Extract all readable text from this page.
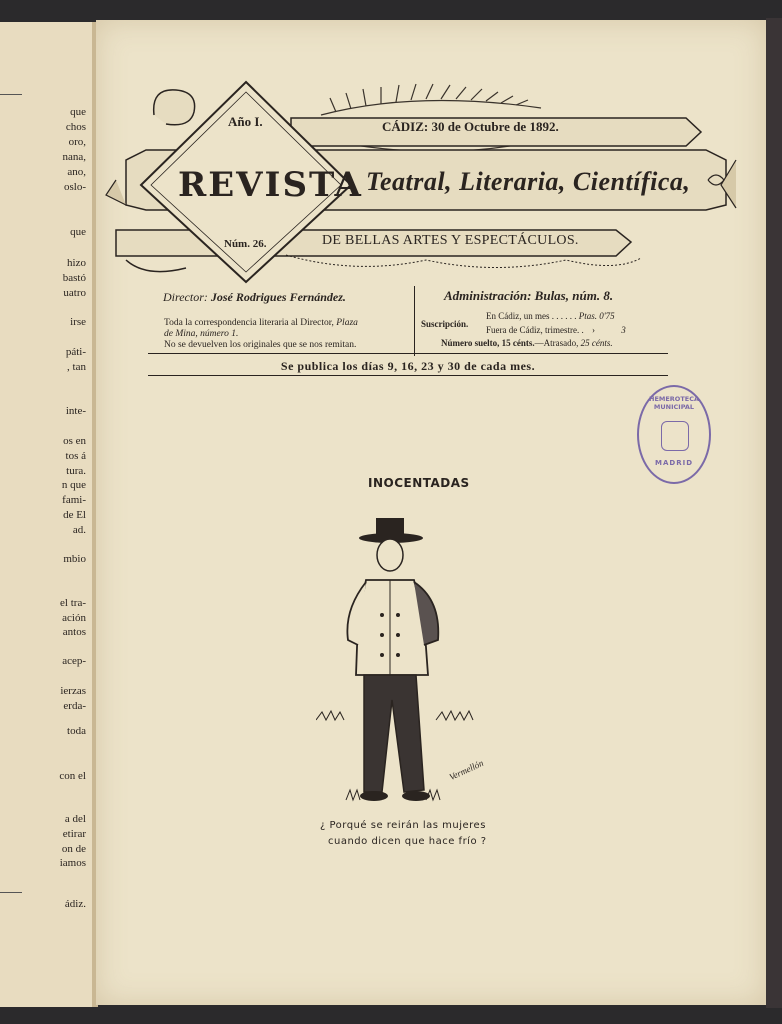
que
chos
oro,
nana,
ano,
oslo-
que
hizo
bastó
uatro
irse
páti-
, tan
inte-
os en
tos á
tura.
n que
fami-
de El
ad.
mbio
el tra-
ación
antos
acep-
ierzas
erda-
toda
con el
a del
etirar
on de
iamos
ádiz.
Año I.	CÁDIZ: 30 de Octubre de 1892.
REVISTA Teatral, Literaria, Científica,
Núm. 26.	DE BELLAS ARTES Y ESPECTÁCULOS.
Director: José Rodrigues Fernández.
Toda la correspondencia literaria al Director, Plaza
de Mina, número 1.
No se devuelven los originales que se nos remitan.
Administración: Bulas, núm. 8.
Suscripción.
En Cádiz, un mes . . . . . . Ptas. 0'75
Fuera de Cádiz, trimestre. . ›	3
Número suelto, 15 cénts.—Atrasado, 25 cénts.
Se publica los días 9, 16, 23 y 30 de cada mes.
INOCENTADAS
Vermellón
¿ Porqué se reirán las mujeres
cuando dicen que hace frío ?
HEMEROTECA MUNICIPAL
MADRID
